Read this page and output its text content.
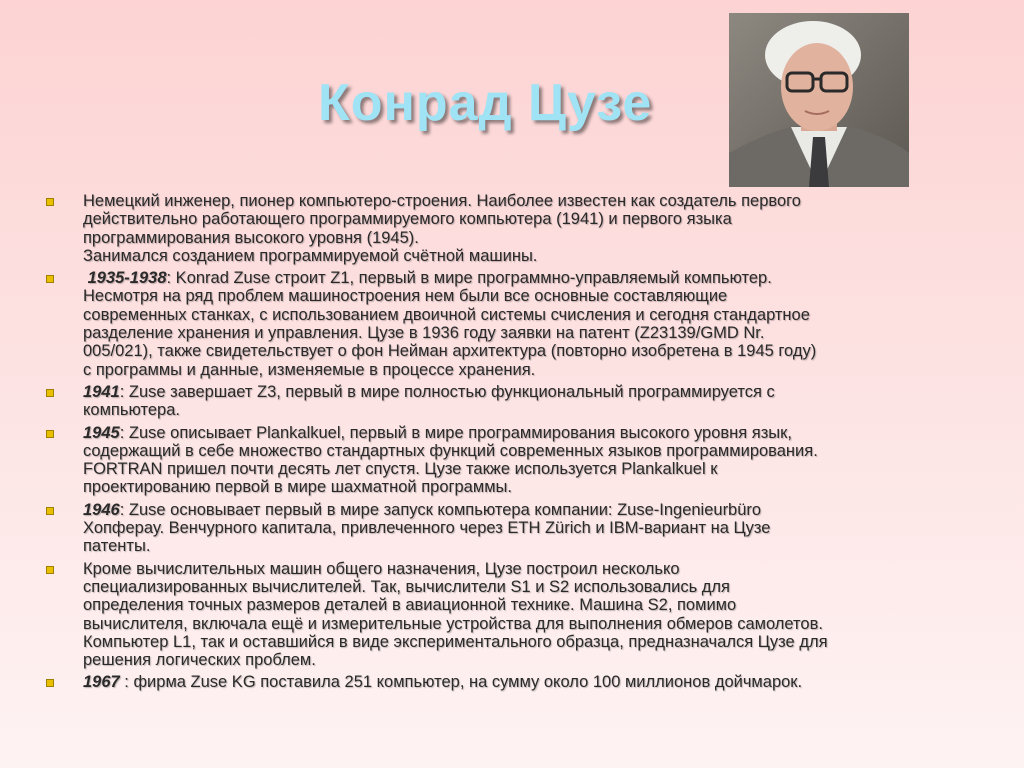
Конрад Цузе
Немецкий инженер, пионер компьютеро-строения. Наиболее известен как создатель первого
действительно работающего программируемого компьютера (1941) и первого языка
программирования высокого уровня (1945).
Занимался созданием программируемой счётной машины.
1935-1938: Konrad Zuse строит Z1, первый в мире программно-управляемый компьютер.
Несмотря на ряд проблем машиностроения нем были все основные составляющие
современных станках, с использованием двоичной системы счисления и сегодня стандартное
разделение хранения и управления. Цузе в 1936 году заявки на патент (Z23139/GMD Nr.
005/021), также свидетельствует о фон Нейман архитектура (повторно изобретена в 1945 году)
с программы и данные, изменяемые в процессе хранения.
1941: Zuse завершает Z3, первый в мире полностью функциональный программируется с
компьютера.
1945: Zuse описывает Plankalkuel, первый в мире программирования высокого уровня язык,
содержащий в себе множество стандартных функций современных языков программирования.
FORTRAN пришел почти десять лет спустя. Цузе также используется Plankalkuel к
проектированию первой в мире шахматной программы.
1946: Zuse основывает первый в мире запуск компьютера компании: Zuse-Ingenieurbüro
Хопферау. Венчурного капитала, привлеченного через ETH Zürich и IBM-вариант на Цузе
патенты.
Кроме вычислительных машин общего назначения, Цузе построил несколько
специализированных вычислителей. Так, вычислители S1 и S2 использовались для
определения точных размеров деталей в авиационной технике. Машина S2, помимо
вычислителя, включала ещё и измерительные устройства для выполнения обмеров самолетов.
Компьютер L1, так и оставшийся в виде экспериментального образца, предназначался Цузе для
решения логических проблем.
1967 : фирма Zuse KG поставила 251 компьютер, на сумму около 100 миллионов дойчмарок.
